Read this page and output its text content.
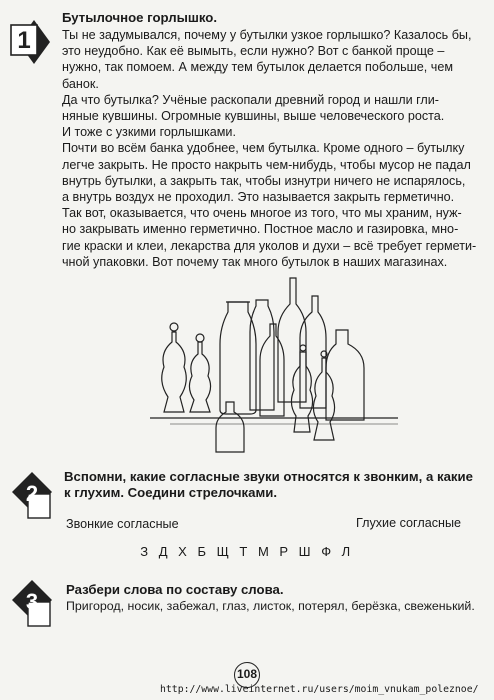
1
Бутылочное горлышко.
Ты не задумывался, почему у бутылки узкое горлышко? Казалось бы,
это неудобно. Как её вымыть, если нужно? Вот с банкой проще –
нужно, так помоем. А между тем бутылок делается побольше, чем
банок.
Да что бутылка? Учёные раскопали древний город и нашли гли-
няные кувшины. Огромные кувшины, выше человеческого роста.
И тоже с узкими горлышками.
Почти во всём банка удобнее, чем бутылка. Кроме одного – бутылку
легче закрыть. Не просто накрыть чем-нибудь, чтобы мусор не падал
внутрь бутылки, а закрыть так, чтобы изнутри ничего не испарялось,
а внутрь воздух не проходил. Это называется закрыть герметично.
Так вот, оказывается, что очень многое из того, что мы храним, нуж-
но закрывать именно герметично. Постное масло и газировка, мно-
гие краски и клеи, лекарства для уколов и духи – всё требует гермети-
чной упаковки. Вот почему так много бутылок в наших магазинах.
2
Вспомни, какие согласные звуки относятся к звонким, а какие
к глухим. Соедини стрелочками.
Звонкие согласные	Глухие согласные
З Д Х Б Щ Т М Р Ш Ф Л
3 Разбери слова по составу слова.
Пригород, носик, забежал, глаз, листок, потерял, берёзка, свеженький.
108
http://www.liveinternet.ru/users/moim_vnukam_poleznoe/
